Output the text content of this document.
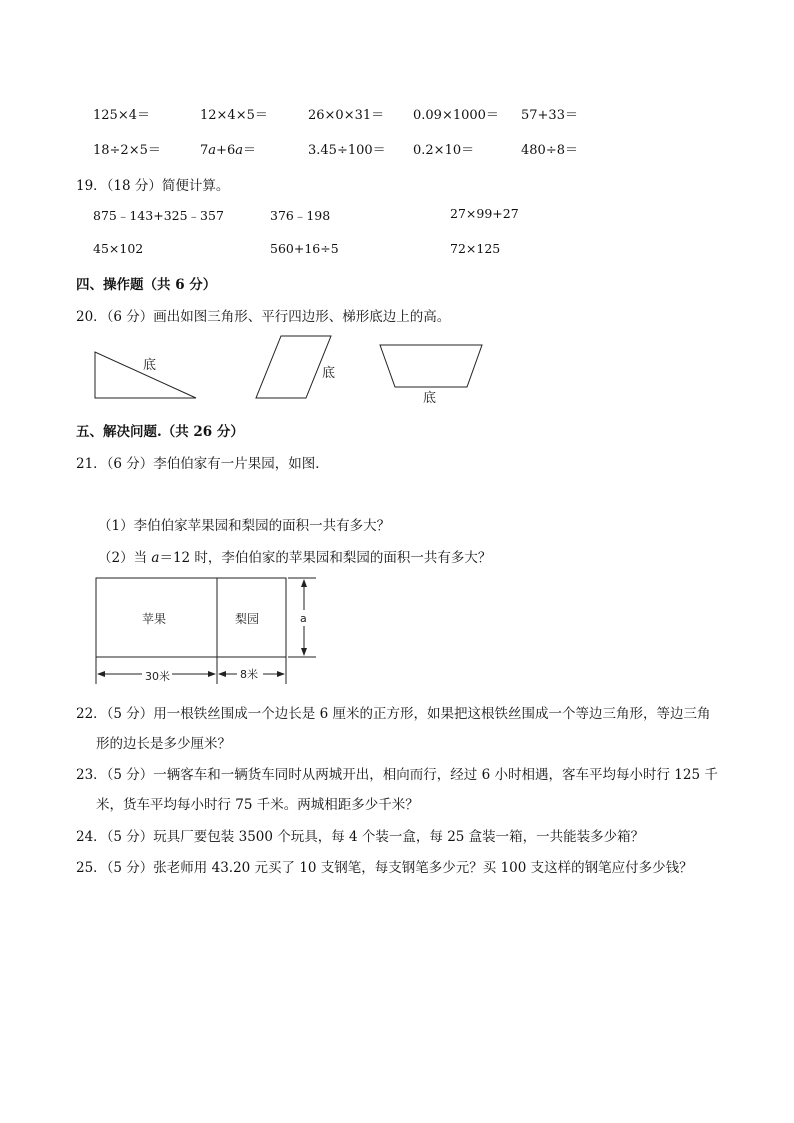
125×4＝	12×4×5＝	26×0×31＝ 0.09×1000＝ 57+33＝
18÷2×5＝	7a+6a＝	3.45÷100＝ 0.2×10＝	480÷8＝
19．（18 分）简便计算。
875﹣143+325﹣357	376﹣198	27×99+27
45×102	560+16÷5	72×125
四、操作题（共 6 分）
20．（6 分）画出如图三角形、平行四边形、梯形底边上的高。
底
底
底
五、解决问题.（共 26 分）
21．（6 分）李伯伯家有一片果园，如图．
（1）李伯伯家苹果园和梨园的面积一共有多大？
（2）当 a＝12 时，李伯伯家的苹果园和梨园的面积一共有多大？
苹果	梨园	a
30米	8米
22．（5 分）用一根铁丝围成一个边长是 6 厘米的正方形，如果把这根铁丝围成一个等边三角形，等边三角
形的边长是多少厘米？
23．（5 分）一辆客车和一辆货车同时从两城开出，相向而行，经过 6 小时相遇，客车平均每小时行 125 千
米，货车平均每小时行 75 千米。两城相距多少千米？
24．（5 分）玩具厂要包装 3500 个玩具，每 4 个装一盒，每 25 盒装一箱，一共能装多少箱？
25．（5 分）张老师用 43.20 元买了 10 支钢笔，每支钢笔多少元？买 100 支这样的钢笔应付多少钱？
